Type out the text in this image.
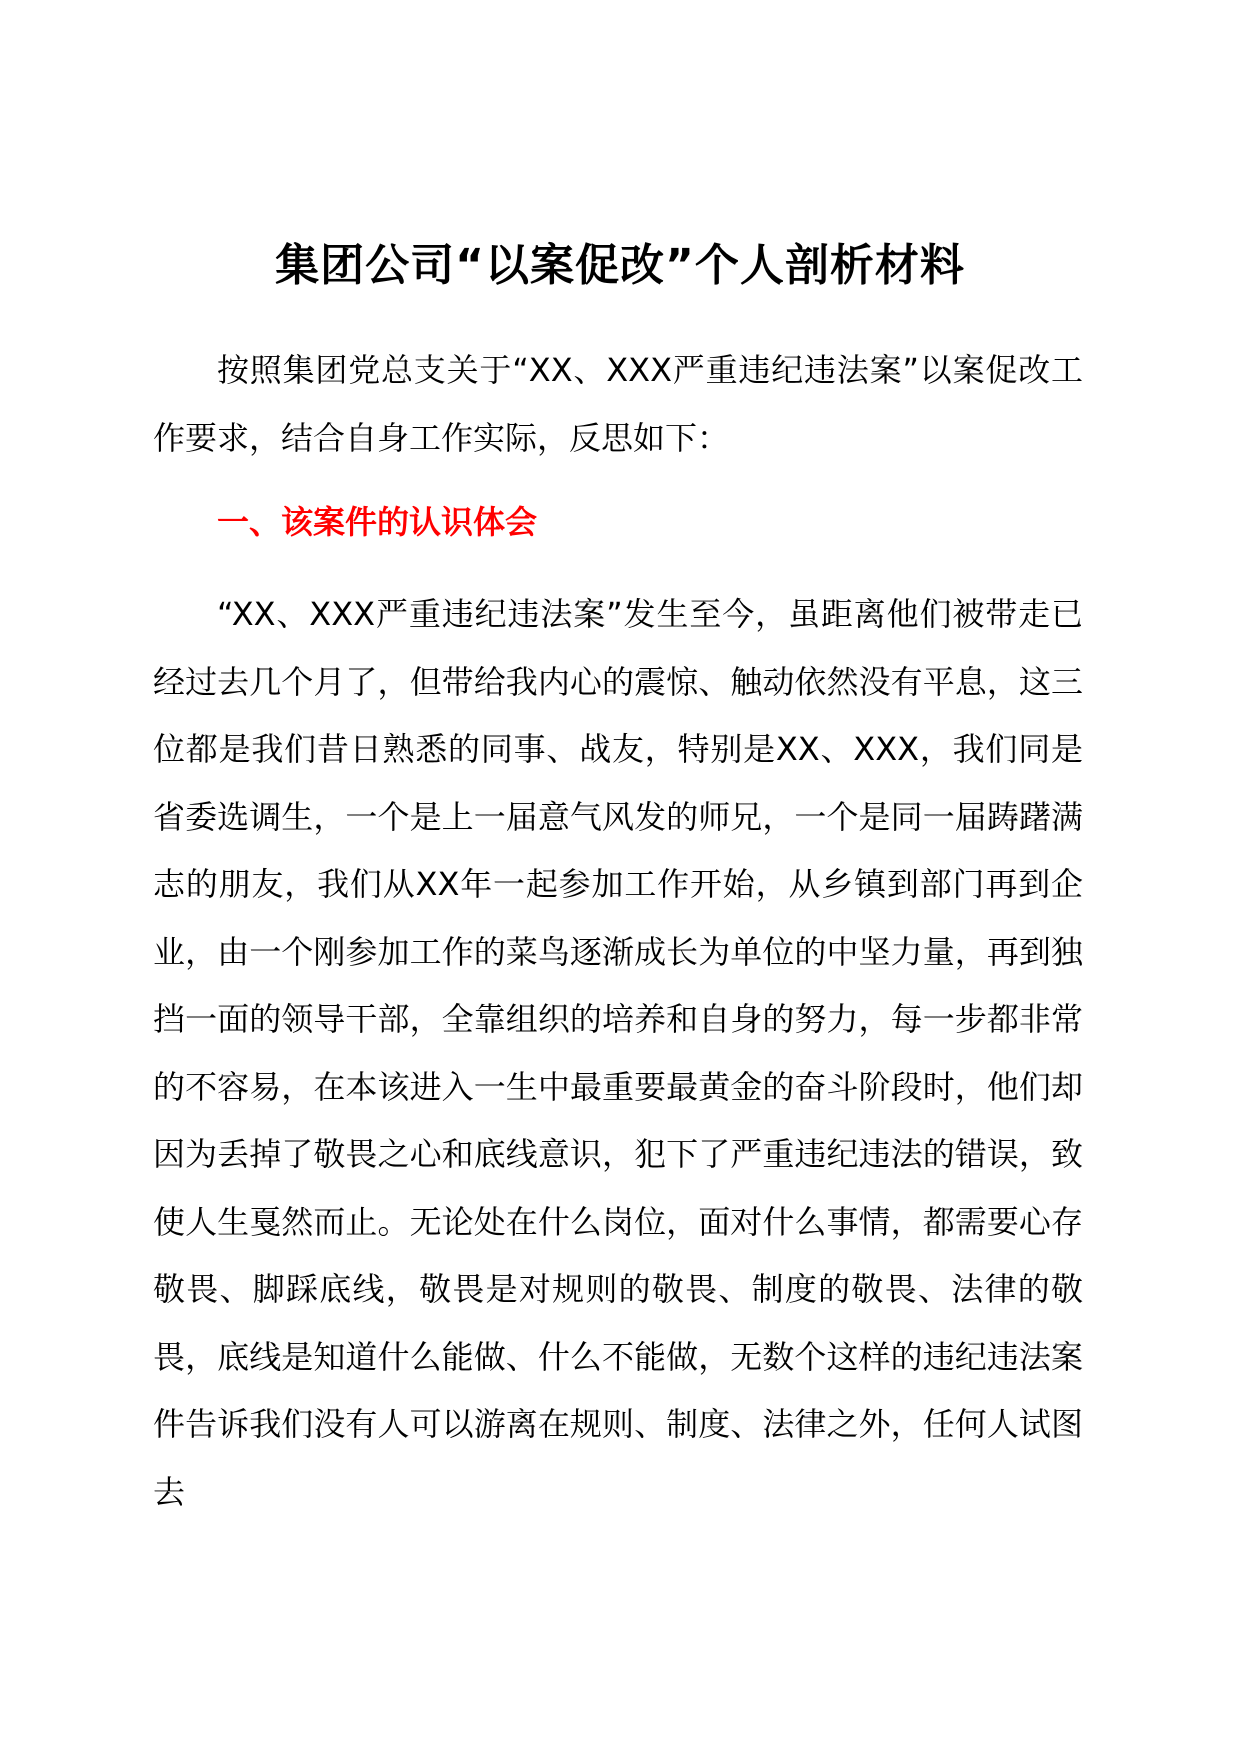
集团公司“以案促改”个人剖析材料

按照集团党总支关于“XX、XXX严重违纪违法案”以案促改工作要求，结合自身工作实际，反思如下：

一、该案件的认识体会

“XX、XXX严重违纪违法案”发生至今，虽距离他们被带走已经过去几个月了，但带给我内心的震惊、触动依然没有平息，这三位都是我们昔日熟悉的同事、战友，特别是XX、XXX，我们同是省委选调生，一个是上一届意气风发的师兄，一个是同一届踌躇满志的朋友，我们从XX年一起参加工作开始，从乡镇到部门再到企业，由一个刚参加工作的菜鸟逐渐成长为单位的中坚力量，再到独挡一面的领导干部，全靠组织的培养和自身的努力，每一步都非常的不容易，在本该进入一生中最重要最黄金的奋斗阶段时，他们却因为丢掉了敬畏之心和底线意识，犯下了严重违纪违法的错误，致使人生戛然而止。无论处在什么岗位，面对什么事情，都需要心存敬畏、脚踩底线，敬畏是对规则的敬畏、制度的敬畏、法律的敬畏，底线是知道什么能做、什么不能做，无数个这样的违纪违法案件告诉我们没有人可以游离在规则、制度、法律之外，任何人试图去
